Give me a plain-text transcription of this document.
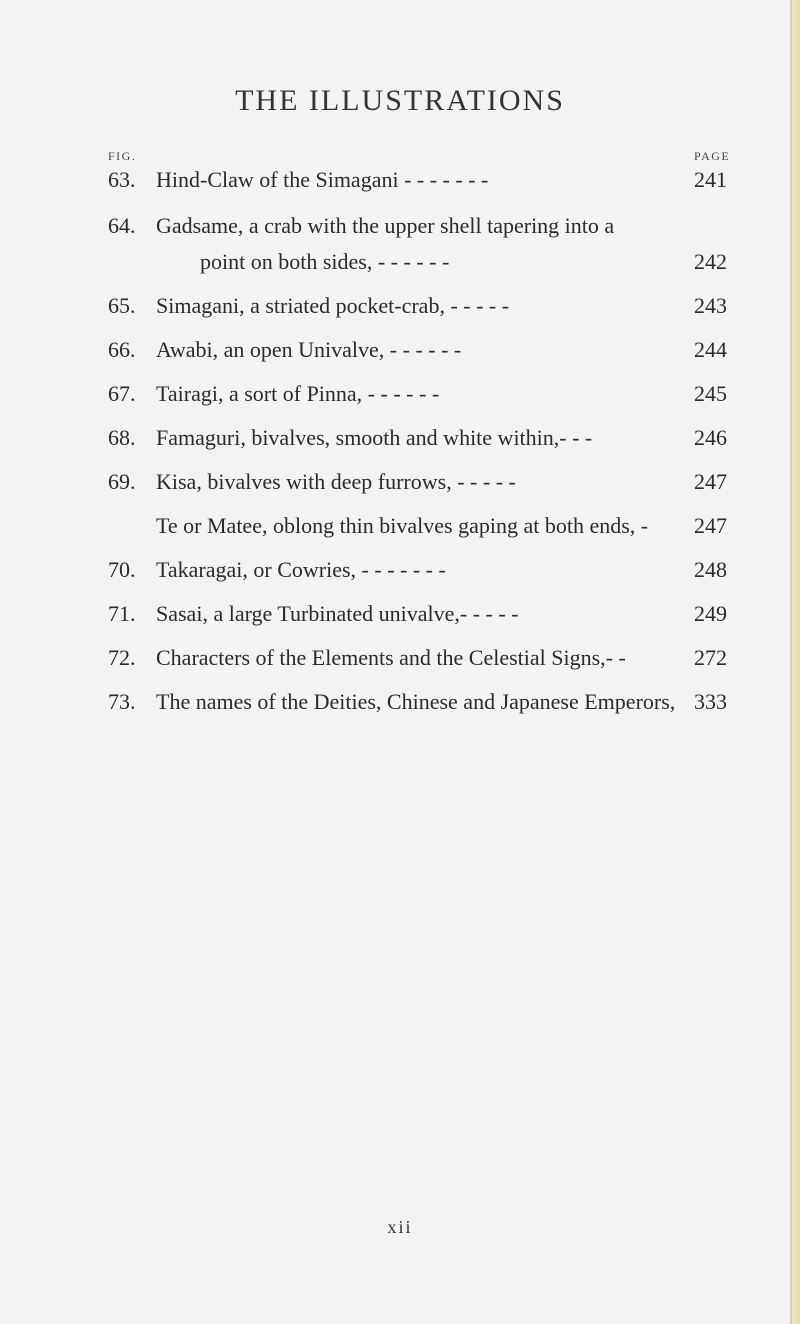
THE ILLUSTRATIONS
FIG.	PAGE
63. Hind-Claw of the Simagani - - - - - - -	241
64. Gadsame, a crab with the upper shell tapering into a
point on both sides, - - - - - -	242
65. Simagani, a striated pocket-crab, - - - - -	243
66. Awabi, an open Univalve, - - - - - -	244
67. Tairagi, a sort of Pinna, - - - - - -	245
68. Famaguri, bivalves, smooth and white within,- - -	246
69. Kisa, bivalves with deep furrows, - - - - -	247
Te or Matee, oblong thin bivalves gaping at both ends, -	247
70. Takaragai, or Cowries, - - - - - - -	248
71. Sasai, a large Turbinated univalve,- - - - -	249
72. Characters of the Elements and the Celestial Signs,- -	272
73. The names of the Deities, Chinese and Japanese Emperors, 333
xii
